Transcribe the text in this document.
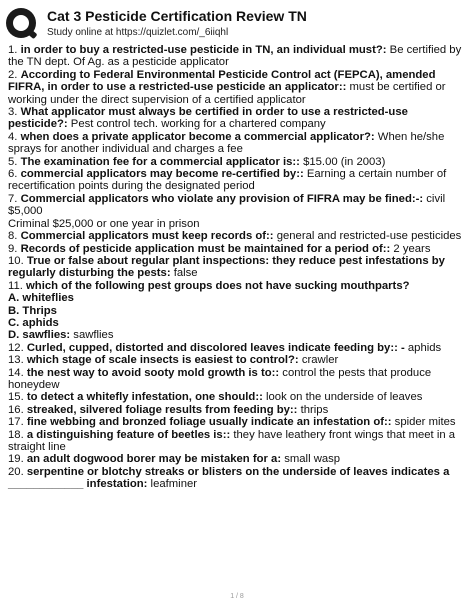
Cat 3 Pesticide Certification Review TN
Study online at https://quizlet.com/_6iiqhl
1. in order to buy a restricted-use pesticide in TN, an individual must?: Be certified by the TN dept. Of Ag. as a pesticide applicator
2. According to Federal Environmental Pesticide Control act (FEPCA), amended FIFRA, in order to use a restricted-use pesticide an applicator:: must be certified or working under the direct supervision of a certified applicator
3. What applicator must always be certified in order to use a restricted-use pesticide?: Pest control tech. working for a chartered company
4. when does a private applicator become a commercial applicator?: When he/she sprays for another individual and charges a fee
5. The examination fee for a commercial applicator is:: $15.00 (in 2003)
6. commercial applicators may become re-certified by:: Earning a certain number of recertification points during the designated period
7. Commercial applicators who violate any provision of FIFRA may be fined:-: civil $5,000
Criminal $25,000 or one year in prison
8. Commercial applicators must keep records of:: general and restricted-use pesticides
9. Records of pesticide application must be maintained for a period of:: 2 years
10. True or false about regular plant inspections: they reduce pest infestations by regularly disturbing the pests: false
11. which of the following pest groups does not have sucking mouthparts?
A. whiteflies
B. Thrips
C. aphids
D. sawflies: sawflies
12. Curled, cupped, distorted and discolored leaves indicate feeding by:: - aphids
13. which stage of scale insects is easiest to control?: crawler
14. the nest way to avoid sooty mold growth is to:: control the pests that produce honeydew
15. to detect a whitefly infestation, one should:: look on the underside of leaves
16. streaked, silvered foliage results from feeding by:: thrips
17. fine webbing and bronzed foliage usually indicate an infestation of:: spider mites
18. a distinguishing feature of beetles is:: they have leathery front wings that meet in a straight line
19. an adult dogwood borer may be mistaken for a: small wasp
20. serpentine or blotchy streaks or blisters on the underside of leaves indicates a ____________ infestation: leafminer
1 / 8
